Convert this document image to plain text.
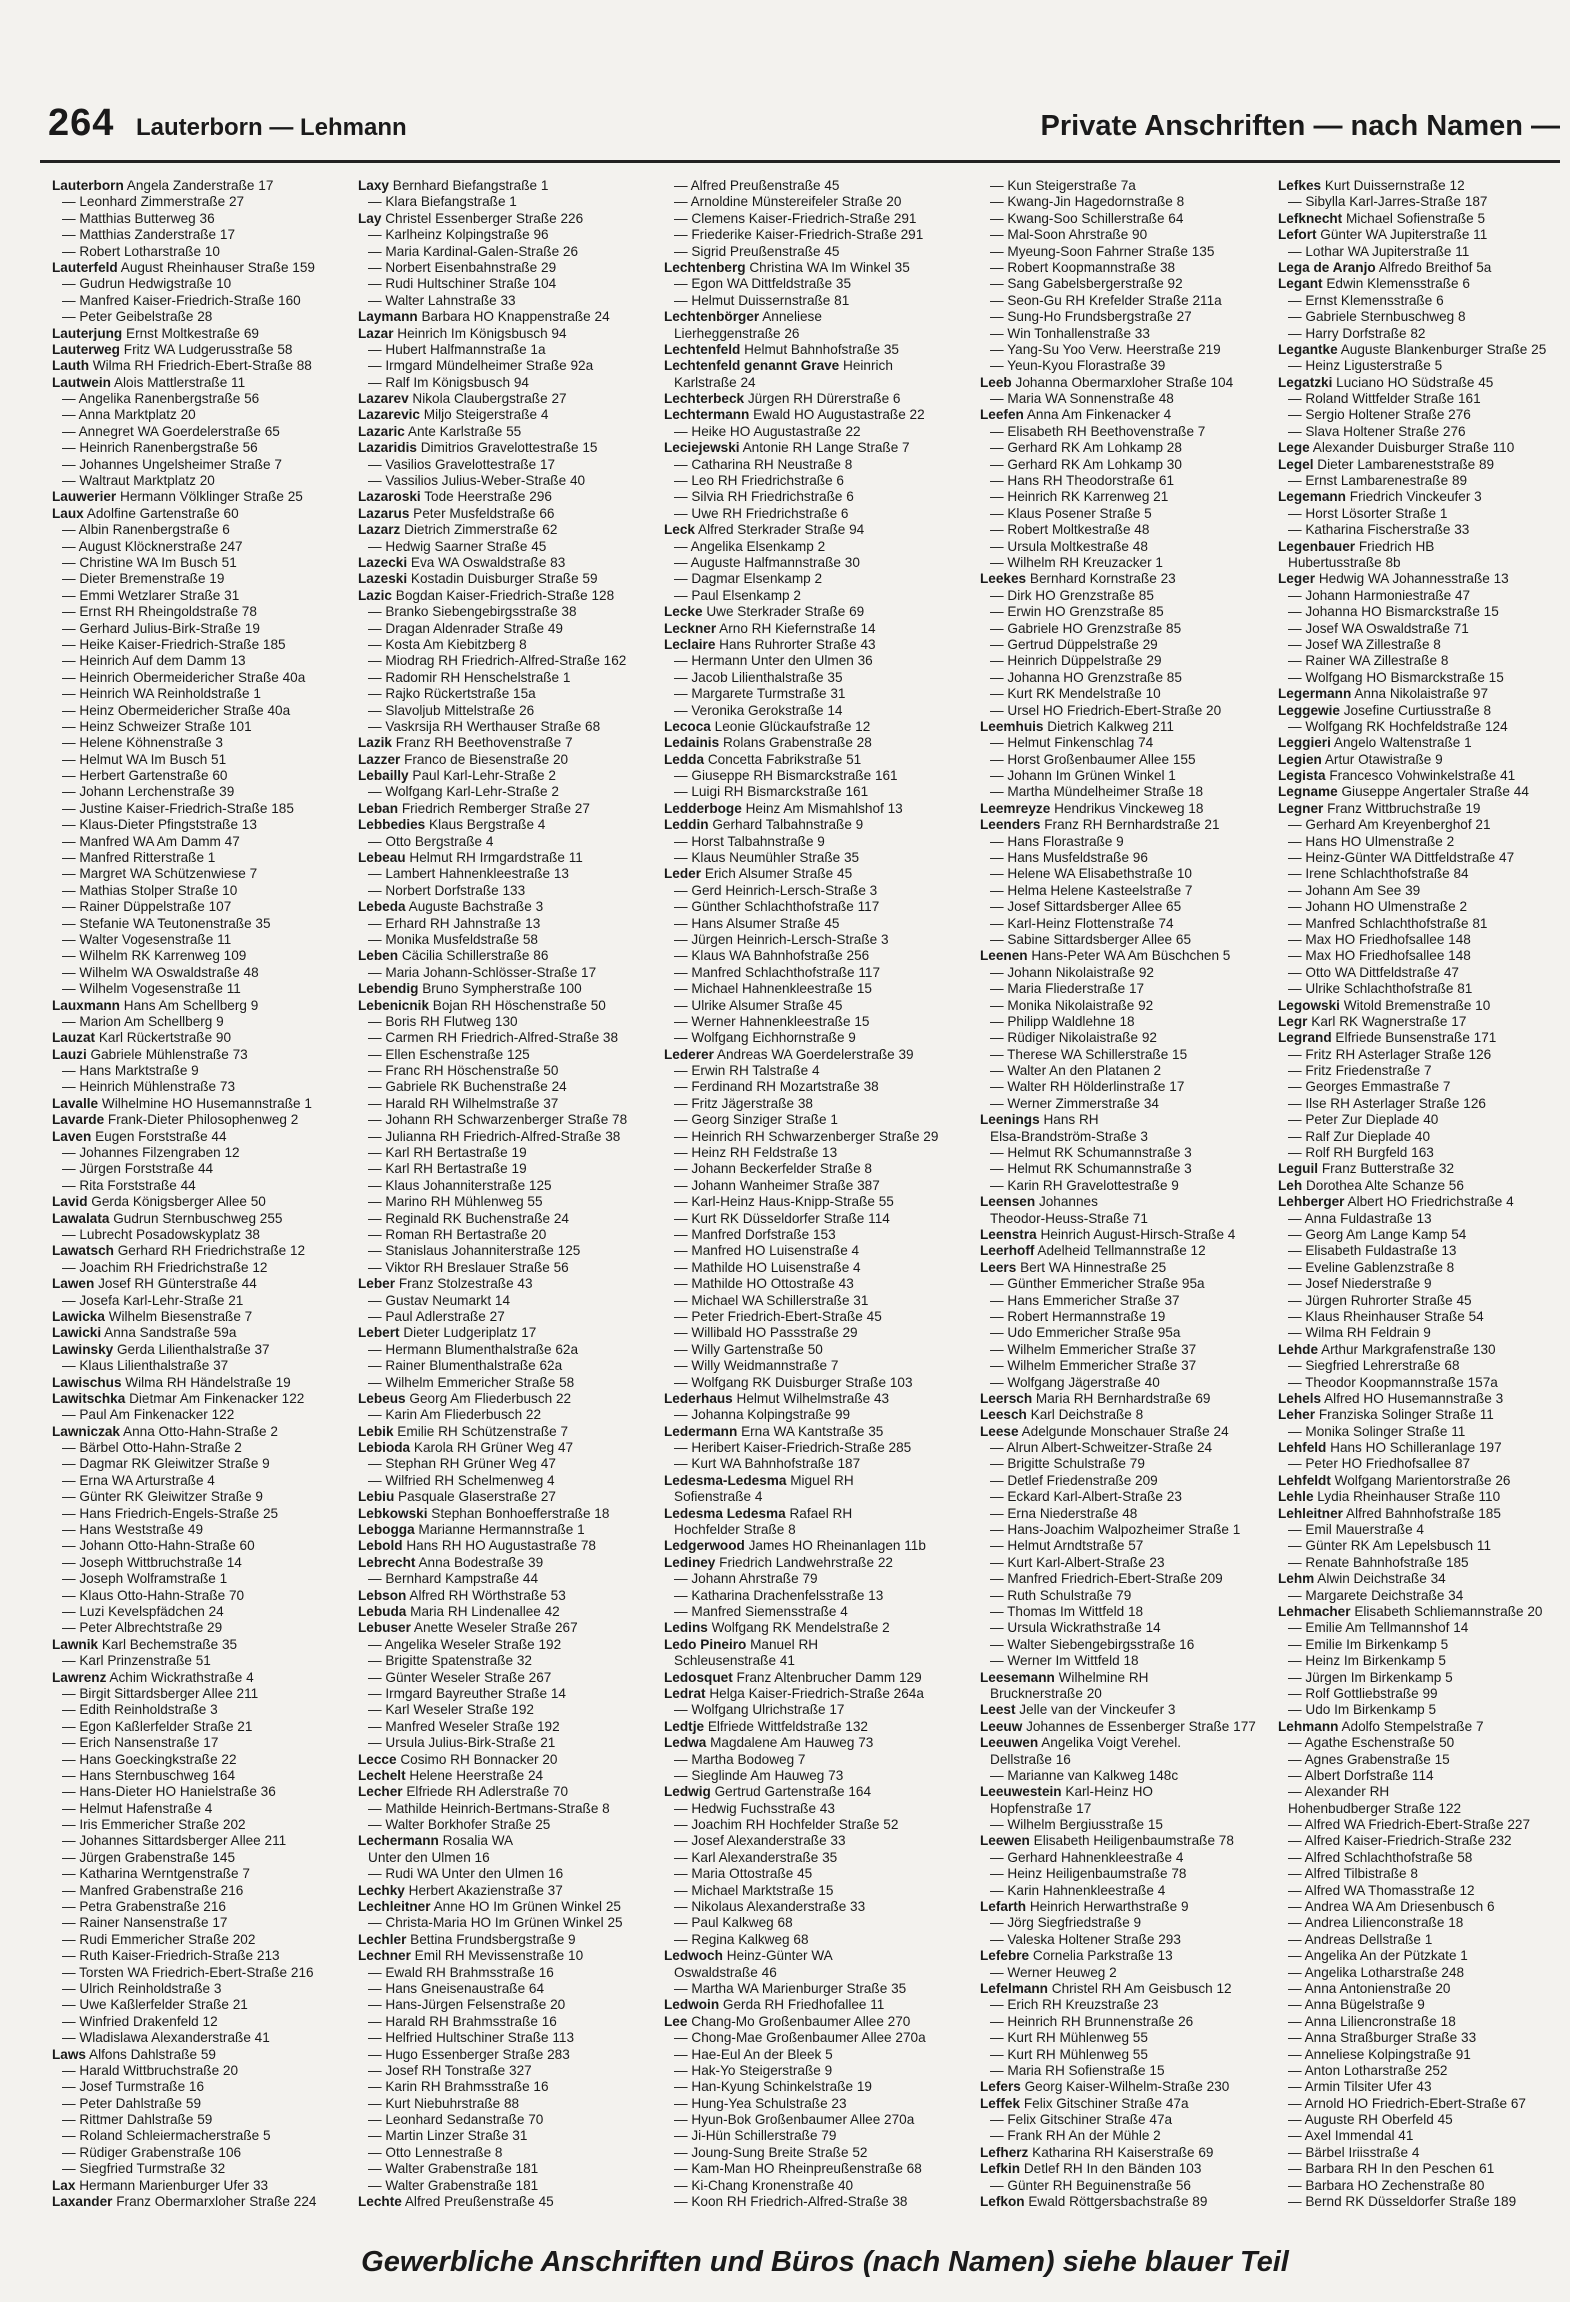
264 Lauterborn — Lehmann	Private Anschriften — nach Namen —
Lauterborn Angela Zanderstraße 17
— Leonhard Zimmerstraße 27
— Matthias Butterweg 36
— Matthias Zanderstraße 17
— Robert Lotharstraße 10
Lauterfeld August Rheinhauser Straße 159
— Gudrun Hedwigstraße 10
— Manfred Kaiser-Friedrich-Straße 160
— Peter Geibelstraße 28
Lauterjung Ernst Moltkestraße 69
Lauterweg Fritz WA Ludgerusstraße 58
Lauth Wilma RH Friedrich-Ebert-Straße 88
Lautwein Alois Mattlerstraße 11
— Angelika Ranenbergstraße 56
— Anna Marktplatz 20
— Annegret WA Goerdelerstraße 65
— Heinrich Ranenbergstraße 56
— Johannes Ungelsheimer Straße 7
— Waltraut Marktplatz 20
Lauwerier Hermann Völklinger Straße 25
Laux Adolfine Gartenstraße 60
— Albin Ranenbergstraße 6
— August Klöcknerstraße 247
— Christine WA Im Busch 51
— Dieter Bremenstraße 19
— Emmi Wetzlarer Straße 31
— Ernst RH Rheingoldstraße 78
— Gerhard Julius-Birk-Straße 19
— Heike Kaiser-Friedrich-Straße 185
— Heinrich Auf dem Damm 13
— Heinrich Obermeidericher Straße 40a
— Heinrich WA Reinholdstraße 1
— Heinz Obermeidericher Straße 40a
— Heinz Schweizer Straße 101
— Helene Köhnenstraße 3
— Helmut WA Im Busch 51
— Herbert Gartenstraße 60
— Johann Lerchenstraße 39
— Justine Kaiser-Friedrich-Straße 185
— Klaus-Dieter Pfingststraße 13
— Manfred WA Am Damm 47
— Manfred Ritterstraße 1
— Margret WA Schützenwiese 7
— Mathias Stolper Straße 10
— Rainer Düppelstraße 107
— Stefanie WA Teutonenstraße 35
— Walter Vogesenstraße 11
— Wilhelm RK Karrenweg 109
— Wilhelm WA Oswaldstraße 48
— Wilhelm Vogesenstraße 11
Lauxmann Hans Am Schellberg 9
— Marion Am Schellberg 9
Lauzat Karl Rückertstraße 90
Lauzi Gabriele Mühlenstraße 73
— Hans Marktstraße 9
— Heinrich Mühlenstraße 73
Lavalle Wilhelmine HO Husemannstraße 1
Lavarde Frank-Dieter Philosophenweg 2
Laven Eugen Forststraße 44
— Johannes Filzengraben 12
— Jürgen Forststraße 44
— Rita Forststraße 44
Lavid Gerda Königsberger Allee 50
Lawalata Gudrun Sternbuschweg 255
— Lubrecht Posadowskyplatz 38
Lawatsch Gerhard RH Friedrichstraße 12
— Joachim RH Friedrichstraße 12
Lawen Josef RH Günterstraße 44
— Josefa Karl-Lehr-Straße 21
Lawicka Wilhelm Biesenstraße 7
Lawicki Anna Sandstraße 59a
Lawinsky Gerda Lilienthalstraße 37
— Klaus Lilienthalstraße 37
Lawischus Wilma RH Händelstraße 19
Lawitschka Dietmar Am Finkenacker 122
— Paul Am Finkenacker 122
Lawniczak Anna Otto-Hahn-Straße 2
— Bärbel Otto-Hahn-Straße 2
— Dagmar RK Gleiwitzer Straße 9
— Erna WA Arturstraße 4
— Günter RK Gleiwitzer Straße 9
— Hans Friedrich-Engels-Straße 25
— Hans Weststraße 49
— Johann Otto-Hahn-Straße 60
— Joseph Wittbruchstraße 14
— Joseph Wolframstraße 1
— Klaus Otto-Hahn-Straße 70
— Luzi Kevelspfädchen 24
— Peter Albrechtstraße 29
Lawnik Karl Bechemstraße 35
— Karl Prinzenstraße 51
Lawrenz Achim Wickrathstraße 4
— Birgit Sittardsberger Allee 211
— Edith Reinholdstraße 3
— Egon Kaßlerfelder Straße 21
— Erich Nansenstraße 17
— Hans Goeckingkstraße 22
— Hans Sternbuschweg 164
— Hans-Dieter HO Hanielstraße 36
— Helmut Hafenstraße 4
— Iris Emmericher Straße 202
— Johannes Sittardsberger Allee 211
— Jürgen Grabenstraße 145
— Katharina Werntgenstraße 7
— Manfred Grabenstraße 216
— Petra Grabenstraße 216
— Rainer Nansenstraße 17
— Rudi Emmericher Straße 202
— Ruth Kaiser-Friedrich-Straße 213
— Torsten WA Friedrich-Ebert-Straße 216
— Ulrich Reinholdstraße 3
— Uwe Kaßlerfelder Straße 21
— Winfried Drakenfeld 12
— Wladislawa Alexanderstraße 41
Laws Alfons Dahlstraße 59
— Harald Wittbruchstraße 20
— Josef Turmstraße 16
— Peter Dahlstraße 59
— Rittmer Dahlstraße 59
— Roland Schleiermacherstraße 5
— Rüdiger Grabenstraße 106
— Siegfried Turmstraße 32
Lax Hermann Marienburger Ufer 33
Laxander Franz Obermarxloher Straße 224
Laxy Bernhard Biefangstraße 1
— Klara Biefangstraße 1
Lay Christel Essenberger Straße 226
— Karlheinz Kolpingstraße 96
— Maria Kardinal-Galen-Straße 26
— Norbert Eisenbahnstraße 29
— Rudi Hultschiner Straße 104
— Walter Lahnstraße 33
Laymann Barbara HO Knappenstraße 24
Lazar Heinrich Im Königsbusch 94
— Hubert Halfmannstraße 1a
— Irmgard Mündelheimer Straße 92a
— Ralf Im Königsbusch 94
Lazarev Nikola Claubergstraße 27
Lazarevic Miljo Steigerstraße 4
Lazaric Ante Karlstraße 55
Lazaridis Dimitrios Gravelottestraße 15
— Vasilios Gravelottestraße 17
— Vassilios Julius-Weber-Straße 40
Lazaroski Tode Heerstraße 296
Lazarus Peter Musfeldstraße 66
Lazarz Dietrich Zimmerstraße 62
— Hedwig Saarner Straße 45
Lazecki Eva WA Oswaldstraße 83
Lazeski Kostadin Duisburger Straße 59
Lazic Bogdan Kaiser-Friedrich-Straße 128
— Branko Siebengebirgsstraße 38
— Dragan Aldenrader Straße 49
— Kosta Am Kiebitzberg 8
— Miodrag RH Friedrich-Alfred-Straße 162
— Radomir RH Henschelstraße 1
— Rajko Rückertstraße 15a
— Slavoljub Mittelstraße 26
— Vaskrsija RH Werthauser Straße 68
Lazik Franz RH Beethovenstraße 7
Lazzer Franco de Biesenstraße 20
Lebailly Paul Karl-Lehr-Straße 2
— Wolfgang Karl-Lehr-Straße 2
Leban Friedrich Remberger Straße 27
Lebbedies Klaus Bergstraße 4
— Otto Bergstraße 4
Lebeau Helmut RH Irmgardstraße 11
— Lambert Hahnenkleestraße 13
— Norbert Dorfstraße 133
Lebeda Auguste Bachstraße 3
— Erhard RH Jahnstraße 13
— Monika Musfeldstraße 58
Leben Cäcilia Schillerstraße 86
— Maria Johann-Schlösser-Straße 17
Lebendig Bruno Sympherstraße 100
Lebenicnik Bojan RH Höschenstraße 50
— Boris RH Flutweg 130
— Carmen RH Friedrich-Alfred-Straße 38
— Ellen Eschenstraße 125
— Franc RH Höschenstraße 50
— Gabriele RK Buchenstraße 24
— Harald RH Wilhelmstraße 37
— Johann RH Schwarzenberger Straße 78
— Julianna RH Friedrich-Alfred-Straße 38
— Karl RH Bertastraße 19
— Karl RH Bertastraße 19
— Klaus Johanniterstraße 125
— Marino RH Mühlenweg 55
— Reginald RK Buchenstraße 24
— Roman RH Bertastraße 20
— Stanislaus Johanniterstraße 125
— Viktor RH Breslauer Straße 56
Leber Franz Stolzestraße 43
— Gustav Neumarkt 14
— Paul Adlerstraße 27
Lebert Dieter Ludgeriplatz 17
— Hermann Blumenthalstraße 62a
— Rainer Blumenthalstraße 62a
— Wilhelm Emmericher Straße 58
Lebeus Georg Am Fliederbusch 22
— Karin Am Fliederbusch 22
Lebik Emilie RH Schützenstraße 7
Lebioda Karola RH Grüner Weg 47
— Stephan RH Grüner Weg 47
— Wilfried RH Schelmenweg 4
Lebiu Pasquale Glaserstraße 27
Lebkowski Stephan Bonhoefferstraße 18
Lebogga Marianne Hermannstraße 1
Lebold Hans RH HO Augustastraße 78
Lebrecht Anna Bodestraße 39
— Bernhard Kampstraße 44
Lebson Alfred RH Wörthstraße 53
Lebuda Maria RH Lindenallee 42
Lebuser Anette Weseler Straße 267
— Angelika Weseler Straße 192
— Brigitte Spatenstraße 32
— Günter Weseler Straße 267
— Irmgard Bayreuther Straße 14
— Karl Weseler Straße 192
— Manfred Weseler Straße 192
— Ursula Julius-Birk-Straße 21
Lecce Cosimo RH Bonnacker 20
Lechelt Helene Heerstraße 24
Lecher Elfriede RH Adlerstraße 70
— Mathilde Heinrich-Bertmans-Straße 8
— Walter Borkhofer Straße 25
Lechermann Rosalia WA
Unter den Ulmen 16
— Rudi WA Unter den Ulmen 16
Lechky Herbert Akazienstraße 37
Lechleitner Anne HO Im Grünen Winkel 25
— Christa-Maria HO Im Grünen Winkel 25
Lechler Bettina Frundsbergstraße 9
Lechner Emil RH Mevissenstraße 10
— Ewald RH Brahmsstraße 16
— Hans Gneisenaustraße 64
— Hans-Jürgen Felsenstraße 20
— Harald RH Brahmsstraße 16
— Helfried Hultschiner Straße 113
— Hugo Essenberger Straße 283
— Josef RH Tonstraße 327
— Karin RH Brahmsstraße 16
— Kurt Niebuhrstraße 88
— Leonhard Sedanstraße 70
— Martin Linzer Straße 31
— Otto Lennestraße 8
— Walter Grabenstraße 181
— Walter Grabenstraße 181
Lechte Alfred Preußenstraße 45
— Alfred Preußenstraße 45
— Arnoldine Münstereifeler Straße 20
— Clemens Kaiser-Friedrich-Straße 291
— Friederike Kaiser-Friedrich-Straße 291
— Sigrid Preußenstraße 45
Lechtenberg Christina WA Im Winkel 35
— Egon WA Dittfeldstraße 35
— Helmut Duissernstraße 81
Lechtenbörger Anneliese
Lierheggenstraße 26
Lechtenfeld Helmut Bahnhofstraße 35
Lechtenfeld genannt Grave Heinrich
Karlstraße 24
Lechterbeck Jürgen RH Dürerstraße 6
Lechtermann Ewald HO Augustastraße 22
— Heike HO Augustastraße 22
Leciejewski Antonie RH Lange Straße 7
— Catharina RH Neustraße 8
— Leo RH Friedrichstraße 6
— Silvia RH Friedrichstraße 6
— Uwe RH Friedrichstraße 6
Leck Alfred Sterkrader Straße 94
— Angelika Elsenkamp 2
— Auguste Halfmannstraße 30
— Dagmar Elsenkamp 2
— Paul Elsenkamp 2
Lecke Uwe Sterkrader Straße 69
Leckner Arno RH Kiefernstraße 14
Leclaire Hans Ruhrorter Straße 43
— Hermann Unter den Ulmen 36
— Jacob Lilienthalstraße 35
— Margarete Turmstraße 31
— Veronika Gerokstraße 14
Lecoca Leonie Glückaufstraße 12
Ledainis Rolans Grabenstraße 28
Ledda Concetta Fabrikstraße 51
— Giuseppe RH Bismarckstraße 161
— Luigi RH Bismarckstraße 161
Ledderboge Heinz Am Mismahlshof 13
Leddin Gerhard Talbahnstraße 9
— Horst Talbahnstraße 9
— Klaus Neumühler Straße 35
Leder Erich Alsumer Straße 45
— Gerd Heinrich-Lersch-Straße 3
— Günther Schlachthofstraße 117
— Hans Alsumer Straße 45
— Jürgen Heinrich-Lersch-Straße 3
— Klaus WA Bahnhofstraße 256
— Manfred Schlachthofstraße 117
— Michael Hahnenkleestraße 15
— Ulrike Alsumer Straße 45
— Werner Hahnenkleestraße 15
— Wolfgang Eichhornstraße 9
Lederer Andreas WA Goerdelerstraße 39
— Erwin RH Talstraße 4
— Ferdinand RH Mozartstraße 38
— Fritz Jägerstraße 38
— Georg Sinziger Straße 1
— Heinrich RH Schwarzenberger Straße 29
— Heinz RH Feldstraße 13
— Johann Beckerfelder Straße 8
— Johann Wanheimer Straße 387
— Karl-Heinz Haus-Knipp-Straße 55
— Kurt RK Düsseldorfer Straße 114
— Manfred Dorfstraße 153
— Manfred HO Luisenstraße 4
— Mathilde HO Luisenstraße 4
— Mathilde HO Ottostraße 43
— Michael WA Schillerstraße 31
— Peter Friedrich-Ebert-Straße 45
— Willibald HO Passstraße 29
— Willy Gartenstraße 50
— Willy Weidmannstraße 7
— Wolfgang RK Duisburger Straße 103
Lederhaus Helmut Wilhelmstraße 43
— Johanna Kolpingstraße 99
Ledermann Erna WA Kantstraße 35
— Heribert Kaiser-Friedrich-Straße 285
— Kurt WA Bahnhofstraße 187
Ledesma-Ledesma Miguel RH
Sofienstraße 4
Ledesma Ledesma Rafael RH
Hochfelder Straße 8
Ledgerwood James HO Rheinanlagen 11b
Lediney Friedrich Landwehrstraße 22
— Johann Ahrstraße 79
— Katharina Drachenfelsstraße 13
— Manfred Siemensstraße 4
Ledins Wolfgang RK Mendelstraße 2
Ledo Pineiro Manuel RH
Schleusenstraße 41
Ledosquet Franz Altenbrucher Damm 129
Ledrat Helga Kaiser-Friedrich-Straße 264a
— Wolfgang Ulrichstraße 17
Ledtje Elfriede Wittfeldstraße 132
Ledwa Magdalene Am Hauweg 73
— Martha Bodoweg 7
— Sieglinde Am Hauweg 73
Ledwig Gertrud Gartenstraße 164
— Hedwig Fuchsstraße 43
— Joachim RH Hochfelder Straße 52
— Josef Alexanderstraße 33
— Karl Alexanderstraße 35
— Maria Ottostraße 45
— Michael Marktstraße 15
— Nikolaus Alexanderstraße 33
— Paul Kalkweg 68
— Regina Kalkweg 68
Ledwoch Heinz-Günter WA
Oswaldstraße 46
— Martha WA Marienburger Straße 35
Ledwoin Gerda RH Friedhofallee 11
Lee Chang-Mo Großenbaumer Allee 270
— Chong-Mae Großenbaumer Allee 270a
— Hae-Eul An der Bleek 5
— Hak-Yo Steigerstraße 9
— Han-Kyung Schinkelstraße 19
— Hung-Yea Schulstraße 23
— Hyun-Bok Großenbaumer Allee 270a
— Ji-Hün Schillerstraße 79
— Joung-Sung Breite Straße 52
— Kam-Man HO Rheinpreußenstraße 68
— Ki-Chang Kronenstraße 40
— Koon RH Friedrich-Alfred-Straße 38
— Kun Steigerstraße 7a
— Kwang-Jin Hagedornstraße 8
— Kwang-Soo Schillerstraße 64
— Mal-Soon Ahrstraße 90
— Myeung-Soon Fahrner Straße 135
— Robert Koopmannstraße 38
— Sang Gabelsbergerstraße 92
— Seon-Gu RH Krefelder Straße 211a
— Sung-Ho Frundsbergstraße 27
— Win Tonhallenstraße 33
— Yang-Su Yoo Verw. Heerstraße 219
— Yeun-Kyou Florastraße 39
Leeb Johanna Obermarxloher Straße 104
— Maria WA Sonnenstraße 48
Leefen Anna Am Finkenacker 4
— Elisabeth RH Beethovenstraße 7
— Gerhard RK Am Lohkamp 28
— Gerhard RK Am Lohkamp 30
— Hans RH Theodorstraße 61
— Heinrich RK Karrenweg 21
— Klaus Posener Straße 5
— Robert Moltkestraße 48
— Ursula Moltkestraße 48
— Wilhelm RH Kreuzacker 1
Leekes Bernhard Kornstraße 23
— Dirk HO Grenzstraße 85
— Erwin HO Grenzstraße 85
— Gabriele HO Grenzstraße 85
— Gertrud Düppelstraße 29
— Heinrich Düppelstraße 29
— Johanna HO Grenzstraße 85
— Kurt RK Mendelstraße 10
— Ursel HO Friedrich-Ebert-Straße 20
Leemhuis Dietrich Kalkweg 211
— Helmut Finkenschlag 74
— Horst Großenbaumer Allee 155
— Johann Im Grünen Winkel 1
— Martha Mündelheimer Straße 18
Leemreyze Hendrikus Vinckeweg 18
Leenders Franz RH Bernhardstraße 21
— Hans Florastraße 9
— Hans Musfeldstraße 96
— Helene WA Elisabethstraße 10
— Helma Helene Kasteelstraße 7
— Josef Sittardsberger Allee 65
— Karl-Heinz Flottenstraße 74
— Sabine Sittardsberger Allee 65
Leenen Hans-Peter WA Am Büschchen 5
— Johann Nikolaistraße 92
— Maria Fliederstraße 17
— Monika Nikolaistraße 92
— Philipp Waldlehne 18
— Rüdiger Nikolaistraße 92
— Therese WA Schillerstraße 15
— Walter An den Platanen 2
— Walter RH Hölderlinstraße 17
— Werner Zimmerstraße 34
Leenings Hans RH
Elsa-Brandström-Straße 3
— Helmut RK Schumannstraße 3
— Helmut RK Schumannstraße 3
— Karin RH Gravelottestraße 9
Leensen Johannes
Theodor-Heuss-Straße 71
Leenstra Heinrich August-Hirsch-Straße 4
Leerhoff Adelheid Tellmannstraße 12
Leers Bert WA Hinnestraße 25
— Günther Emmericher Straße 95a
— Hans Emmericher Straße 37
— Robert Hermannstraße 19
— Udo Emmericher Straße 95a
— Wilhelm Emmericher Straße 37
— Wilhelm Emmericher Straße 37
— Wolfgang Jägerstraße 40
Leersch Maria RH Bernhardstraße 69
Leesch Karl Deichstraße 8
Leese Adelgunde Monschauer Straße 24
— Alrun Albert-Schweitzer-Straße 24
— Brigitte Schulstraße 79
— Detlef Friedenstraße 209
— Eckard Karl-Albert-Straße 23
— Erna Niederstraße 48
— Hans-Joachim Walpozheimer Straße 1
— Helmut Arndtstraße 57
— Kurt Karl-Albert-Straße 23
— Manfred Friedrich-Ebert-Straße 209
— Ruth Schulstraße 79
— Thomas Im Wittfeld 18
— Ursula Wickrathstraße 14
— Walter Siebengebirgsstraße 16
— Werner Im Wittfeld 18
Leesemann Wilhelmine RH
Brucknerstraße 20
Leest Jelle van der Vinckeufer 3
Leeuw Johannes de Essenberger Straße 177
Leeuwen Angelika Voigt Verehel.
Dellstraße 16
— Marianne van Kalkweg 148c
Leeuwestein Karl-Heinz HO
Hopfenstraße 17
— Wilhelm Bergiusstraße 15
Leewen Elisabeth Heiligenbaumstraße 78
— Gerhard Hahnenkleestraße 4
— Heinz Heiligenbaumstraße 78
— Karin Hahnenkleestraße 4
Lefarth Heinrich Herwarthstraße 9
— Jörg Siegfriedstraße 9
— Valeska Holtener Straße 293
Lefebre Cornelia Parkstraße 13
— Werner Heuweg 2
Lefelmann Christel RH Am Geisbusch 12
— Erich RH Kreuzstraße 23
— Heinrich RH Brunnenstraße 26
— Kurt RH Mühlenweg 55
— Kurt RH Mühlenweg 55
— Maria RH Sofienstraße 15
Lefers Georg Kaiser-Wilhelm-Straße 230
Leffek Felix Gitschiner Straße 47a
— Felix Gitschiner Straße 47a
— Frank RH An der Mühle 2
Lefherz Katharina RH Kaiserstraße 69
Lefkin Detlef RH In den Bänden 103
— Günter RH Beguinenstraße 56
Lefkon Ewald Röttgersbachstraße 89
Lefkes Kurt Duissernstraße 12
— Sibylla Karl-Jarres-Straße 187
Lefknecht Michael Sofienstraße 5
Lefort Günter WA Jupiterstraße 11
— Lothar WA Jupiterstraße 11
Lega de Aranjo Alfredo Breithof 5a
Legant Edwin Klemensstraße 6
— Ernst Klemensstraße 6
— Gabriele Sternbuschweg 8
— Harry Dorfstraße 82
Legantke Auguste Blankenburger Straße 25
— Heinz Ligusterstraße 5
Legatzki Luciano HO Südstraße 45
— Roland Wittfelder Straße 161
— Sergio Holtener Straße 276
— Slava Holtener Straße 276
Lege Alexander Duisburger Straße 110
Legel Dieter Lambareneststraße 89
— Ernst Lambarenestraße 89
Legemann Friedrich Vinckeufer 3
— Horst Lösorter Straße 1
— Katharina Fischerstraße 33
Legenbauer Friedrich HB
Hubertusstraße 8b
Leger Hedwig WA Johannesstraße 13
— Johann Harmoniestraße 47
— Johanna HO Bismarckstraße 15
— Josef WA Oswaldstraße 71
— Josef WA Zillestraße 8
— Rainer WA Zillestraße 8
— Wolfgang HO Bismarckstraße 15
Legermann Anna Nikolaistraße 97
Leggewie Josefine Curtiusstraße 8
— Wolfgang RK Hochfeldstraße 124
Leggieri Angelo Waltenstraße 1
Legien Artur Otawistraße 9
Legista Francesco Vohwinkelstraße 41
Legname Giuseppe Angertaler Straße 44
Legner Franz Wittbruchstraße 19
— Gerhard Am Kreyenberghof 21
— Hans HO Ulmenstraße 2
— Heinz-Günter WA Dittfeldstraße 47
— Irene Schlachthofstraße 84
— Johann Am See 39
— Johann HO Ulmenstraße 2
— Manfred Schlachthofstraße 81
— Max HO Friedhofsallee 148
— Max HO Friedhofsallee 148
— Otto WA Dittfeldstraße 47
— Ulrike Schlachthofstraße 81
Legowski Witold Bremenstraße 10
Legr Karl RK Wagnerstraße 17
Legrand Elfriede Bunsenstraße 171
— Fritz RH Asterlager Straße 126
— Fritz Friedenstraße 7
— Georges Emmastraße 7
— Ilse RH Asterlager Straße 126
— Peter Zur Dieplade 40
— Ralf Zur Dieplade 40
— Rolf RH Burgfeld 163
Leguil Franz Butterstraße 32
Leh Dorothea Alte Schanze 56
Lehberger Albert HO Friedrichstraße 4
— Anna Fuldastraße 13
— Georg Am Lange Kamp 54
— Elisabeth Fuldastraße 13
— Eveline Gablenzstraße 8
— Josef Niederstraße 9
— Jürgen Ruhrorter Straße 45
— Klaus Rheinhauser Straße 54
— Wilma RH Feldrain 9
Lehde Arthur Markgrafenstraße 130
— Siegfried Lehrerstraße 68
— Theodor Koopmannstraße 157a
Lehels Alfred HO Husemannstraße 3
Leher Franziska Solinger Straße 11
— Monika Solinger Straße 11
Lehfeld Hans HO Schilleranlage 197
— Peter HO Friedhofsallee 87
Lehfeldt Wolfgang Marientorstraße 26
Lehle Lydia Rheinhauser Straße 110
Lehleitner Alfred Bahnhofstraße 185
— Emil Mauerstraße 4
— Günter RK Am Lepelsbusch 11
— Renate Bahnhofstraße 185
Lehm Alwin Deichstraße 34
— Margarete Deichstraße 34
Lehmacher Elisabeth Schliemannstraße 20
— Emilie Am Tellmannshof 14
— Emilie Im Birkenkamp 5
— Heinz Im Birkenkamp 5
— Jürgen Im Birkenkamp 5
— Rolf Gottliebstraße 99
— Udo Im Birkenkamp 5
Lehmann Adolfo Stempelstraße 7
— Agathe Eschenstraße 50
— Agnes Grabenstraße 15
— Albert Dorfstraße 114
— Alexander RH
Hohenbudberger Straße 122
— Alfred WA Friedrich-Ebert-Straße 227
— Alfred Kaiser-Friedrich-Straße 232
— Alfred Schlachthofstraße 58
— Alfred Tilbistraße 8
— Alfred WA Thomasstraße 12
— Andrea WA Am Driesenbusch 6
— Andrea Lilienconstraße 18
— Andreas Dellstraße 1
— Angelika An der Pützkate 1
— Angelika Lotharstraße 248
— Anna Antonienstraße 20
— Anna Bügelstraße 9
— Anna Liliencronstraße 18
— Anna Straßburger Straße 33
— Anneliese Kolpingstraße 91
— Anton Lotharstraße 252
— Armin Tilsiter Ufer 43
— Arnold HO Friedrich-Ebert-Straße 67
— Auguste RH Oberfeld 45
— Axel Immendal 41
— Bärbel Iriisstraße 4
— Barbara RH In den Peschen 61
— Barbara HO Zechenstraße 80
— Bernd RK Düsseldorfer Straße 189
Gewerbliche Anschriften und Büros (nach Namen) siehe blauer Teil
